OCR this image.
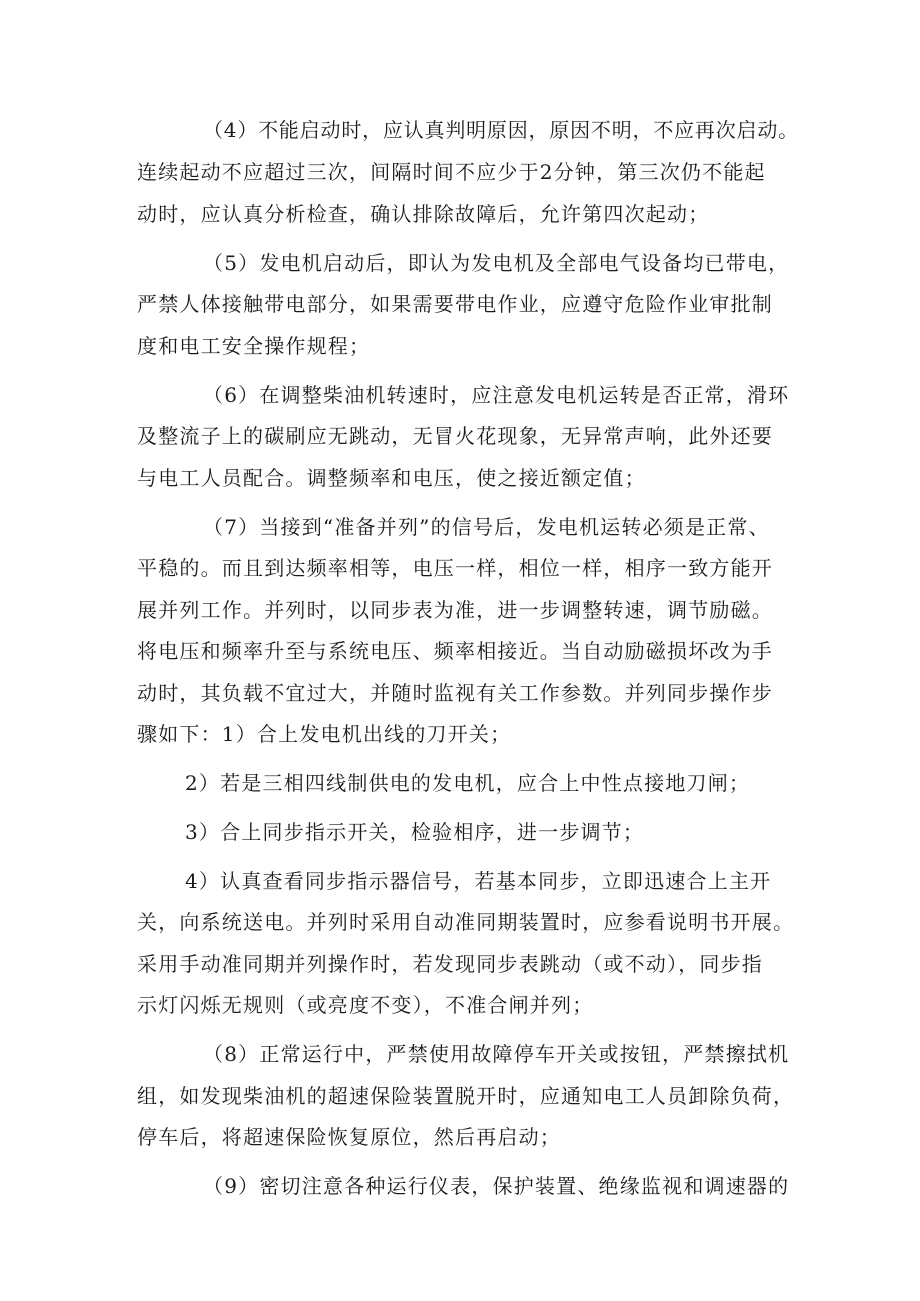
（4）不能启动时，应认真判明原因，原因不明，不应再次启动。
连续起动不应超过三次，间隔时间不应少于2分钟，第三次仍不能起
动时，应认真分析检查，确认排除故障后，允许第四次起动；
（5）发电机启动后，即认为发电机及全部电气设备均已带电，
严禁人体接触带电部分，如果需要带电作业，应遵守危险作业审批制
度和电工安全操作规程；
（6）在调整柴油机转速时，应注意发电机运转是否正常，滑环
及整流子上的碳刷应无跳动，无冒火花现象，无异常声响，此外还要
与电工人员配合。调整频率和电压，使之接近额定值；
（7）当接到“准备并列”的信号后，发电机运转必须是正常、
平稳的。而且到达频率相等，电压一样，相位一样，相序一致方能开
展并列工作。并列时，以同步表为准，进一步调整转速，调节励磁。
将电压和频率升至与系统电压、频率相接近。当自动励磁损坏改为手
动时，其负载不宜过大，并随时监视有关工作参数。并列同步操作步
骤如下：1）合上发电机出线的刀开关；
2）若是三相四线制供电的发电机，应合上中性点接地刀闸；
3）合上同步指示开关，检验相序，进一步调节；
4）认真查看同步指示器信号，若基本同步，立即迅速合上主开
关，向系统送电。并列时采用自动准同期装置时，应参看说明书开展。
采用手动准同期并列操作时，若发现同步表跳动（或不动），同步指
示灯闪烁无规则（或亮度不变），不准合闸并列；
（8）正常运行中，严禁使用故障停车开关或按钮，严禁擦拭机
组，如发现柴油机的超速保险装置脱开时，应通知电工人员卸除负荷，
停车后，将超速保险恢复原位，然后再启动；
（9）密切注意各种运行仪表，保护装置、绝缘监视和调速器的
